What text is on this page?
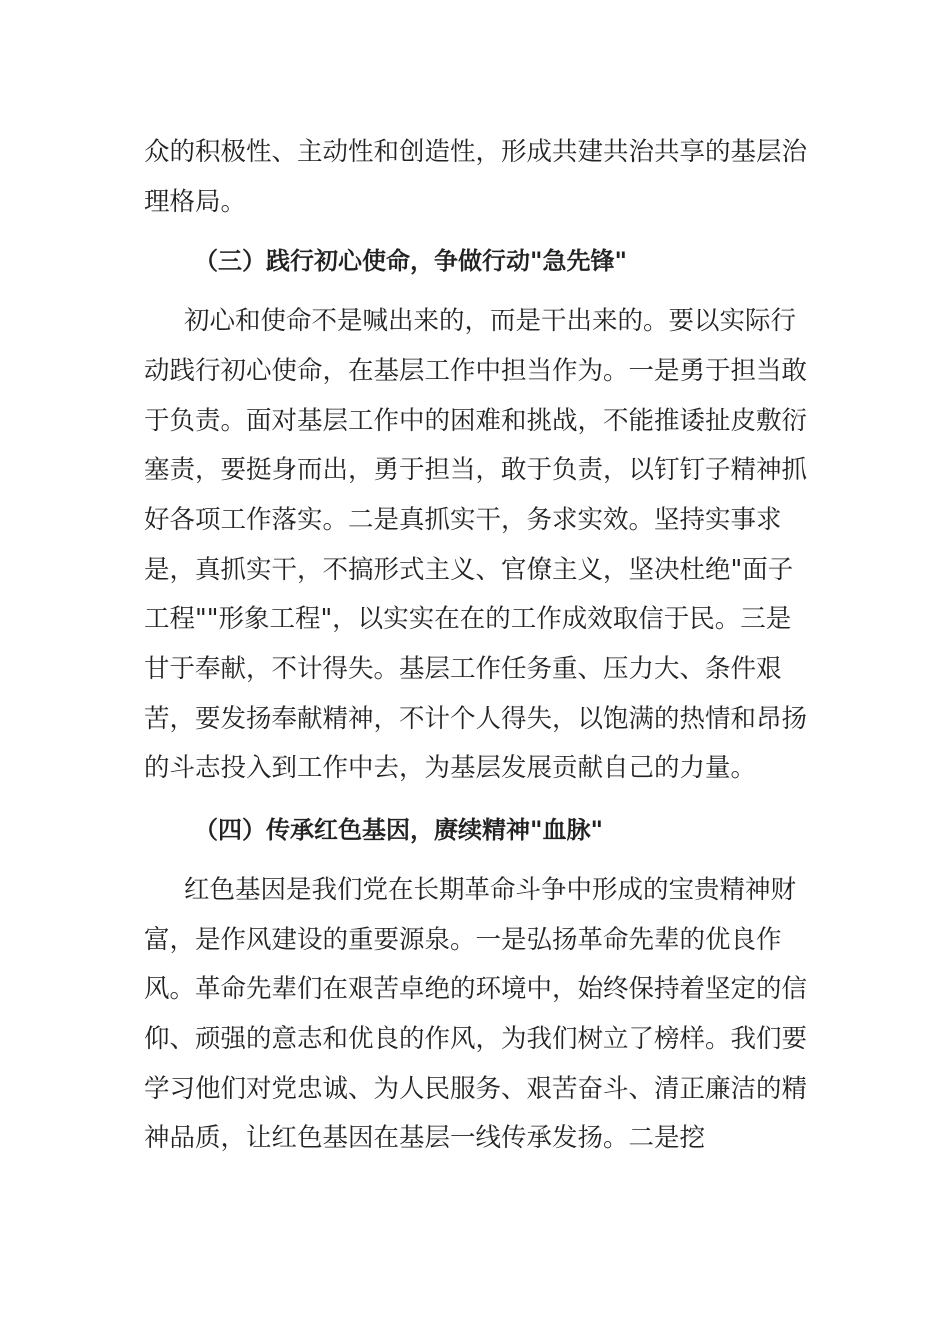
众的积极性、主动性和创造性，形成共建共治共享的基层治理格局。

（三）践行初心使命，争做行动"急先锋"

初心和使命不是喊出来的，而是干出来的。要以实际行动践行初心使命，在基层工作中担当作为。一是勇于担当敢于负责。面对基层工作中的困难和挑战，不能推诿扯皮敷衍塞责，要挺身而出，勇于担当，敢于负责，以钉钉子精神抓好各项工作落实。二是真抓实干，务求实效。坚持实事求是，真抓实干，不搞形式主义、官僚主义，坚决杜绝"面子工程""形象工程"，以实实在在的工作成效取信于民。三是甘于奉献，不计得失。基层工作任务重、压力大、条件艰苦，要发扬奉献精神，不计个人得失，以饱满的热情和昂扬的斗志投入到工作中去，为基层发展贡献自己的力量。

（四）传承红色基因，赓续精神"血脉"

红色基因是我们党在长期革命斗争中形成的宝贵精神财富，是作风建设的重要源泉。一是弘扬革命先辈的优良作风。革命先辈们在艰苦卓绝的环境中，始终保持着坚定的信仰、顽强的意志和优良的作风，为我们树立了榜样。我们要学习他们对党忠诚、为人民服务、艰苦奋斗、清正廉洁的精神品质，让红色基因在基层一线传承发扬。二是挖
